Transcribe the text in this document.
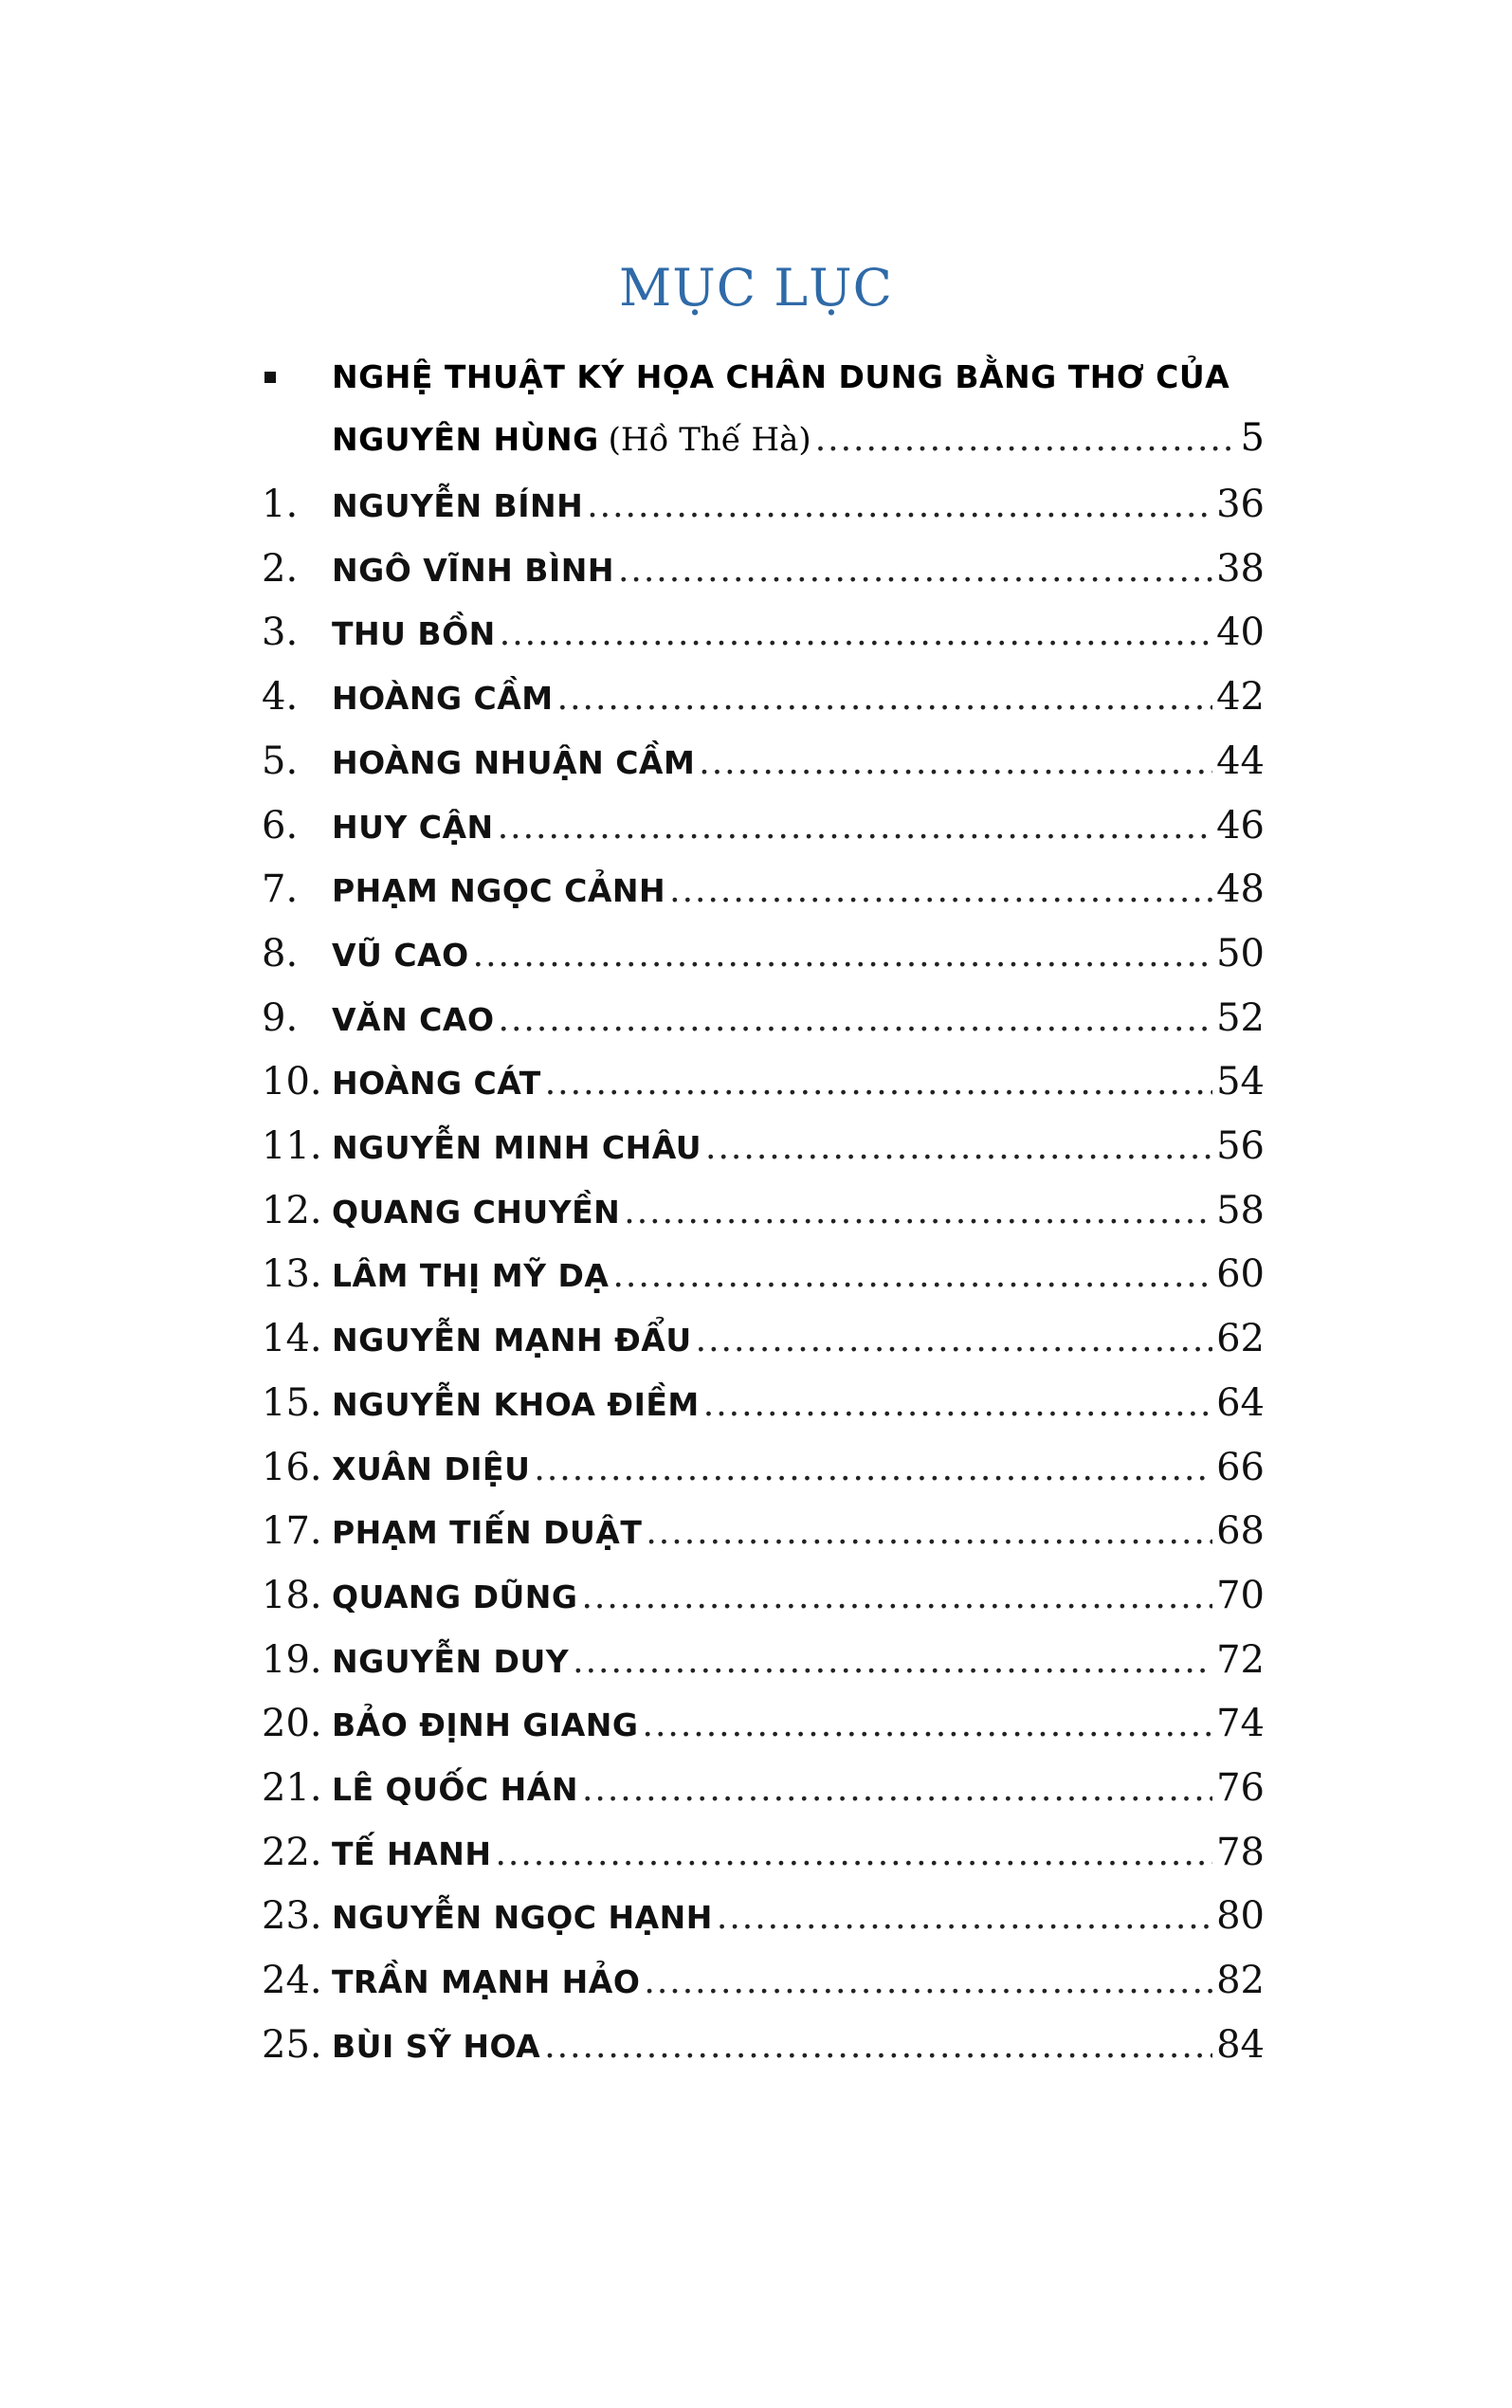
MỤC LỤC
NGHỆ THUẬT KÝ HỌA CHÂN DUNG BẰNG THƠ CỦA
NGUYÊN HÙNG (Hồ Thế Hà) .....	5
1. NGUYỄN BÍNH .....	36
2. NGÔ VĨNH BÌNH .....	38
3. THU BỒN .....	40
4. HOÀNG CẦM .....	42
5. HOÀNG NHUẬN CẦM .....	44
6. HUY CẬN .....	46
7. PHẠM NGỌC CẢNH .....	48
8. VŨ CAO .....	50
9. VĂN CAO .....	52
10. HOÀNG CÁT .....	54
11. NGUYỄN MINH CHÂU .....	56
12. QUANG CHUYỀN .....	58
13. LÂM THỊ MỸ DẠ .....	60
14. NGUYỄN MẠNH ĐẨU .....	62
15. NGUYỄN KHOA ĐIỀM .....	64
16. XUÂN DIỆU .....	66
17. PHẠM TIẾN DUẬT .....	68
18. QUANG DŨNG .....	70
19. NGUYỄN DUY .....	72
20. BẢO ĐỊNH GIANG .....	74
21. LÊ QUỐC HÁN .....	76
22. TẾ HANH .....	78
23. NGUYỄN NGỌC HẠNH .....	80
24. TRẦN MẠNH HẢO .....	82
25. BÙI SỸ HOA .....	84
